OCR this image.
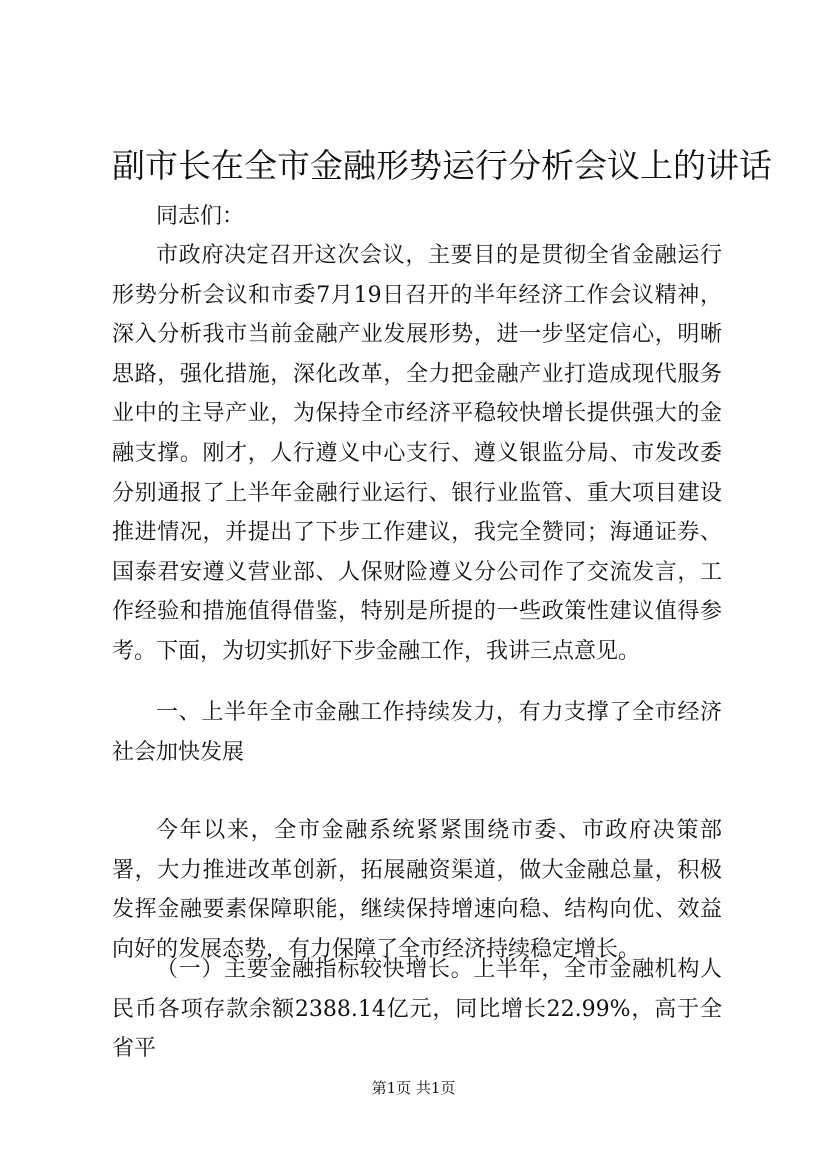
副市长在全市金融形势运行分析会议上的讲话
同志们：
市政府决定召开这次会议，主要目的是贯彻全省金融运行形势分析会议和市委7月19日召开的半年经济工作会议精神，深入分析我市当前金融产业发展形势，进一步坚定信心，明晰思路，强化措施，深化改革，全力把金融产业打造成现代服务业中的主导产业，为保持全市经济平稳较快增长提供强大的金融支撑。刚才，人行遵义中心支行、遵义银监分局、市发改委分别通报了上半年金融行业运行、银行业监管、重大项目建设推进情况，并提出了下步工作建议，我完全赞同；海通证券、国泰君安遵义营业部、人保财险遵义分公司作了交流发言，工作经验和措施值得借鉴，特别是所提的一些政策性建议值得参考。下面，为切实抓好下步金融工作，我讲三点意见。
一、上半年全市金融工作持续发力，有力支撑了全市经济社会加快发展
今年以来，全市金融系统紧紧围绕市委、市政府决策部署，大力推进改革创新，拓展融资渠道，做大金融总量，积极发挥金融要素保障职能，继续保持增速向稳、结构向优、效益向好的发展态势，有力保障了全市经济持续稳定增长。
（一）主要金融指标较快增长。上半年，全市金融机构人民币各项存款余额2388.14亿元，同比增长22.99%，高于全省平
第1页 共1页
